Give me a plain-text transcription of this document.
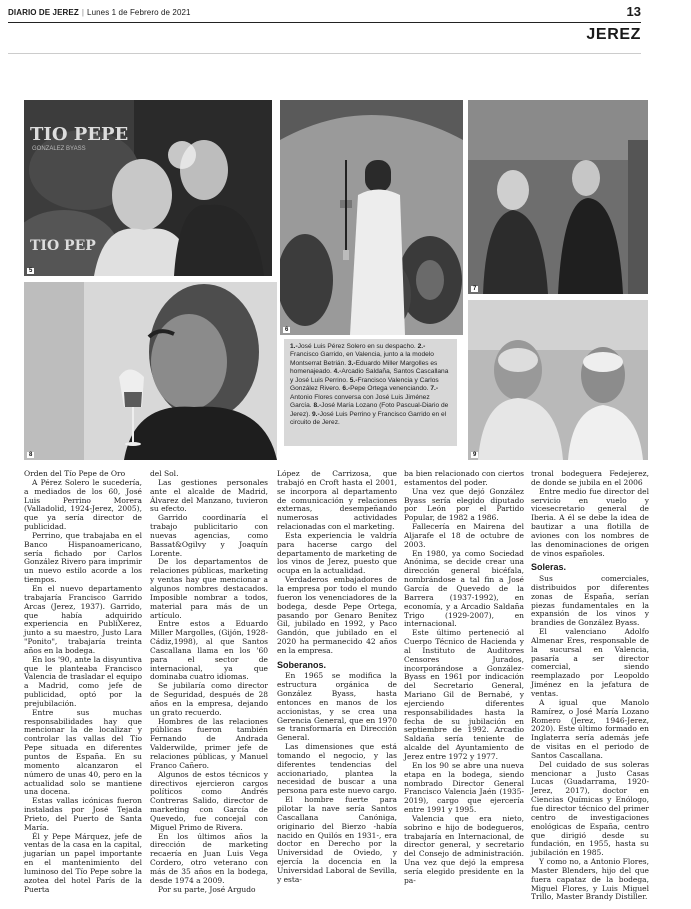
DIARIO DE JEREZ | Lunes 1 de Febrero de 2021	13
JEREZ
TIO PEPE
GONZALEZ BYASS
TIO PEP
5
6
7
8	9
1.-José Luis Pérez Solero en su despacho. 2.-Francisco Garrido, en Valencia, junto a la modelo Montserrat Betrián. 3.-Eduardo Miller Margolles es homenajeado. 4.-Arcadio Saldaña, Santos Cascallana y José Luis Perrino. 5.-Francisco Valencia y Carlos González Rivero. 6.-Pepe Ortega venenciando. 7.-Antonio Flores conversa con José Luis Jiménez García. 8.-José María Lozano (Foto Pascual-Diario de Jerez). 9.-José Luis Perrino y Francisco Garrido en el circuito de Jerez.

Orden del Tío Pepe de Oro

A Pérez Solero le sucedería, a mediados de los 60, José Luis Perrino Morera (Valladolid, 1924-Jerez, 2005), que ya sería director de publicidad.

Perrino, que trabajaba en el Banco Hispanoamericano, sería fichado por Carlos González Rivero para imprimir un nuevo estilo acorde a los tiempos.

En el nuevo departamento trabajaría Francisco Garrido Arcas (Jerez, 1937). Garrido, que había adquirido experiencia en PubliXerez, junto a su maestro, Justo Lara "Ponito", trabajaría treinta años en la bodega.

En los '90, ante la disyuntiva que le planteaba Francisco Valencia de trasladar el equipo a Madrid, como jefe de publicidad, optó por la prejubilación.

Entre sus muchas responsabilidades hay que mencionar la de localizar y controlar las vallas del Tío Pepe situada en diferentes puntos de España. En su momento alcanzaron el número de unas 40, pero en la actualidad solo se mantiene una docena.

Estas vallas icónicas fueron instaladas por José Tejada Prieto, del Puerto de Santa María.

Él y Pepe Márquez, jefe de ventas de la casa en la capital, jugarían un papel importante en el mantenimiento del luminoso del Tío Pepe sobre la azotea del hotel París de la Puerta

del Sol.

Las gestiones personales ante el alcalde de Madrid, Álvarez del Manzano, tuvieron su efecto.

Garrido coordinaría el trabajo publicitario con nuevas agencias, como Bassat&Ogilvy y Joaquín Lorente.

De los departamentos de relaciones públicas, marketing y ventas hay que mencionar a algunos nombres destacados. Imposible nombrar a todos, material para más de un artículo.

Entre estos a Eduardo Miller Margolles, (Gijón, 1928-Cádiz,1998), al que Santos Cascallana llama en los '60 para el sector de internacional, ya que dominaba cuatro idiomas.

Se jubilaría como director de Seguridad, después de 28 años en la empresa, dejando un grato recuerdo.

Hombres de las relaciones públicas fueron también Fernando de Andrada Valderwilde, primer jefe de relaciones públicas, y Manuel Franco Cañero.

Algunos de estos técnicos y directivos ejercieron cargos políticos como Andrés Contreras Salido, director de marketing con García de Quevedo, fue concejal con Miguel Primo de Rivera.

En los últimos años la dirección de marketing recaería en Juan Luis Vega Cordero, otro veterano con más de 35 años en la bodega, desde 1974 a 2009.

Por su parte, José Argudo

López de Carrizosa, que trabajó en Croft hasta el 2001, se incorpora al departamento de comunicación y relaciones externas, desempeñando numerosas actividades relacionadas con el marketing.

Esta experiencia le valdría para hacerse cargo del departamento de marketing de los vinos de Jerez, puesto que ocupa en la actualidad.

Verdaderos embajadores de la empresa por todo el mundo fueron los venenciadores de la bodega, desde Pepe Ortega, pasando por Genaro Benítez Gil, jubilado en 1992, y Paco Gandón, que jubilado en el 2020 ha permanecido 42 años en la empresa.

Soberanos.

En 1965 se modifica la estructura orgánica de González Byass, hasta entonces en manos de los accionistas, y se crea una Gerencia General, que en 1970 se transformaría en Dirección General.

Las dimensiones que está tomando el negocio, y las diferentes tendencias del accionariado, plantea la necesidad de buscar a una persona para este nuevo cargo.

El hombre fuerte para pilotar la nave sería Santos Cascallana Canóniga, originario del Bierzo -había nacido en Quilós en 1931-, era doctor en Derecho por la Universidad de Oviedo, y ejercía la docencia en la Universidad Laboral de Sevilla, y esta-

ba bien relacionado con ciertos estamentos del poder.

Una vez que dejó González Byass sería elegido diputado por León por el Partido Popular, de 1982 a 1986.

Fallecería en Mairena del Aljarafe el 18 de octubre de 2003.

En 1980, ya como Sociedad Anónima, se decide crear una dirección general bicéfala, nombrándose a tal fin a José García de Quevedo de la Barrera (1937-1992), en economía, y a Arcadio Saldaña Trigo (1929-2007), en internacional.

Este último perteneció al Cuerpo Técnico de Hacienda y al Instituto de Auditores Censores Jurados, incorporándose a González-Byass en 1961 por indicación del Secretario General, Mariano Gil de Bernabé, y ejerciendo diferentes responsabilidades hasta la fecha de su jubilación en septiembre de 1992. Arcadio Saldaña sería teniente de alcalde del Ayuntamiento de Jerez entre 1972 y 1977.

En los 90 se abre una nueva etapa en la bodega, siendo nombrado Director General Francisco Valencia Jaén (1935-2019), cargo que ejercería entre 1991 y 1995.

Valencia que era nieto, sobrino e hijo de bodegueros, trabajaría en Internacional, de director general, y secretario del Consejo de administración. Una vez que dejó la empresa sería elegido presidente en la pa-

tronal bodeguera Fedejerez, de donde se jubila en el 2006

Entre medio fue director del servicio en vuelo y vicesecretario general de Iberia. A él se debe la idea de bautizar a una flotilla de aviones con los nombres de las denominaciones de origen de vinos españoles.

Soleras.

Sus comerciales, distribuidos por diferentes zonas de España, serían piezas fundamentales en la expansión de los vinos y brandies de González Byass.

El valenciano Adolfo Almenar Eres, responsable de la sucursal en Valencia, pasaría a ser director comercial, siendo reemplazado por Leopoldo Jiménez en la jefatura de ventas.

A igual que Manolo Ramírez, o José María Lozano Romero (Jerez, 1946-Jerez, 2020). Este último formado en Inglaterra sería además jefe de visitas en el periodo de Santos Cascallana.

Del cuidado de sus soleras mencionar a Justo Casas Lucas (Guadarrama, 1920-Jerez, 2017), doctor en Ciencias Químicas y Enólogo, fue director técnico del primer centro de investigaciones enológicas de España, centro que dirigió desde su fundación, en 1955, hasta su jubilación en 1985.

Y como no, a Antonio Flores, Master Blenders, hijo del que fuera capataz de la bodega, Miguel Flores, y Luis Miguel Trillo, Master Brandy Distiller.
